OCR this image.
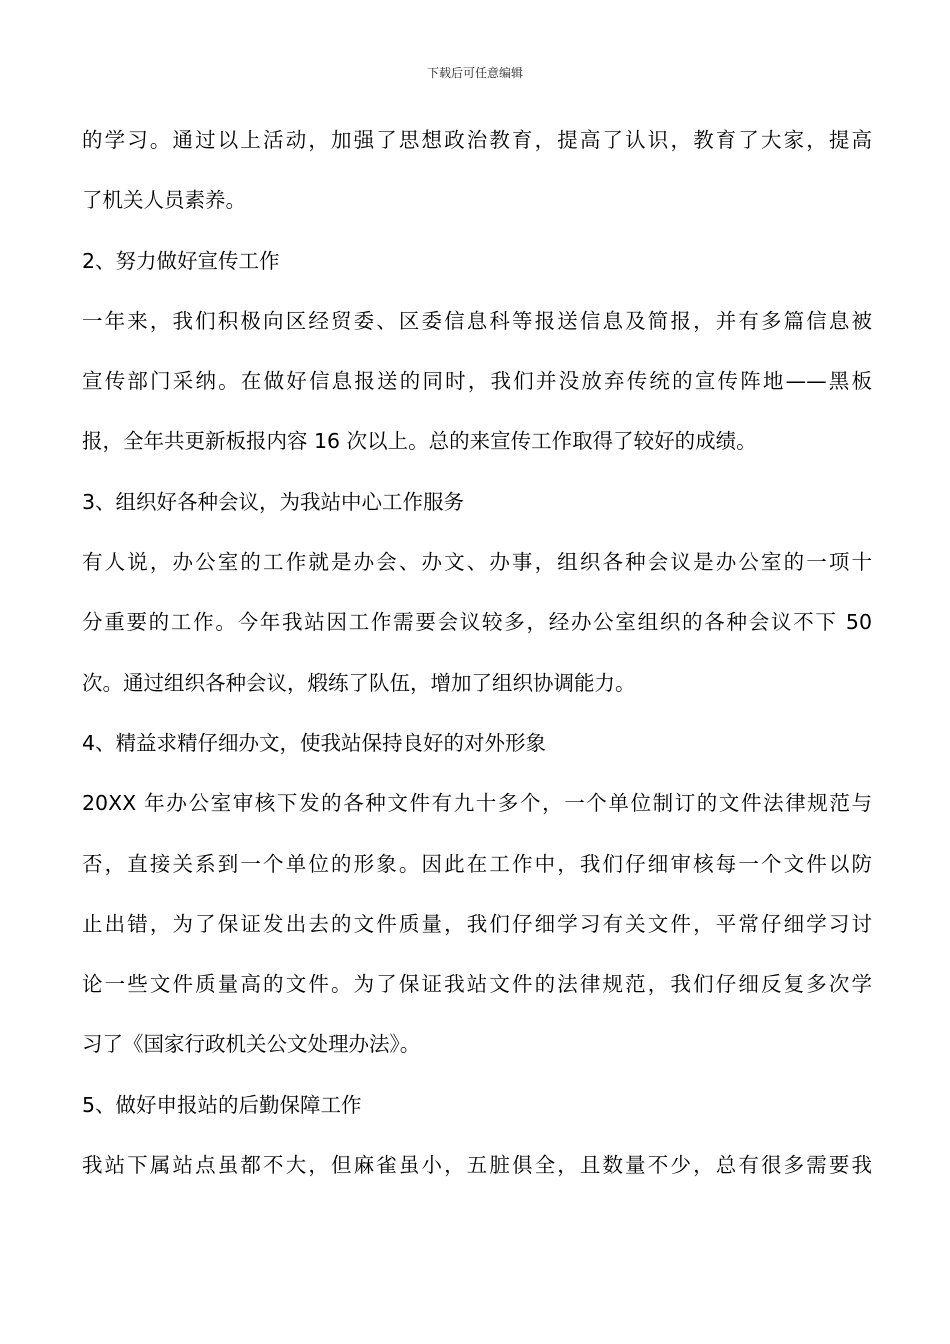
下载后可任意编辑
的学习。通过以上活动，加强了思想政治教育，提高了认识，教育了大家，提高
了机关人员素养。
2、努力做好宣传工作
一年来，我们积极向区经贸委、区委信息科等报送信息及简报，并有多篇信息被
宣传部门采纳。在做好信息报送的同时，我们并没放弃传统的宣传阵地——黑板
报，全年共更新板报内容 16 次以上。总的来宣传工作取得了较好的成绩。
3、组织好各种会议，为我站中心工作服务
有人说，办公室的工作就是办会、办文、办事，组织各种会议是办公室的一项十
分重要的工作。今年我站因工作需要会议较多，经办公室组织的各种会议不下 50
次。通过组织各种会议，煅练了队伍，增加了组织协调能力。
4、精益求精仔细办文，使我站保持良好的对外形象
20XX 年办公室审核下发的各种文件有九十多个，一个单位制订的文件法律规范与
否，直接关系到一个单位的形象。因此在工作中，我们仔细审核每一个文件以防
止出错，为了保证发出去的文件质量，我们仔细学习有关文件，平常仔细学习讨
论一些文件质量高的文件。为了保证我站文件的法律规范，我们仔细反复多次学
习了《国家行政机关公文处理办法》。
5、做好申报站的后勤保障工作
我站下属站点虽都不大，但麻雀虽小，五脏俱全，且数量不少，总有很多需要我
